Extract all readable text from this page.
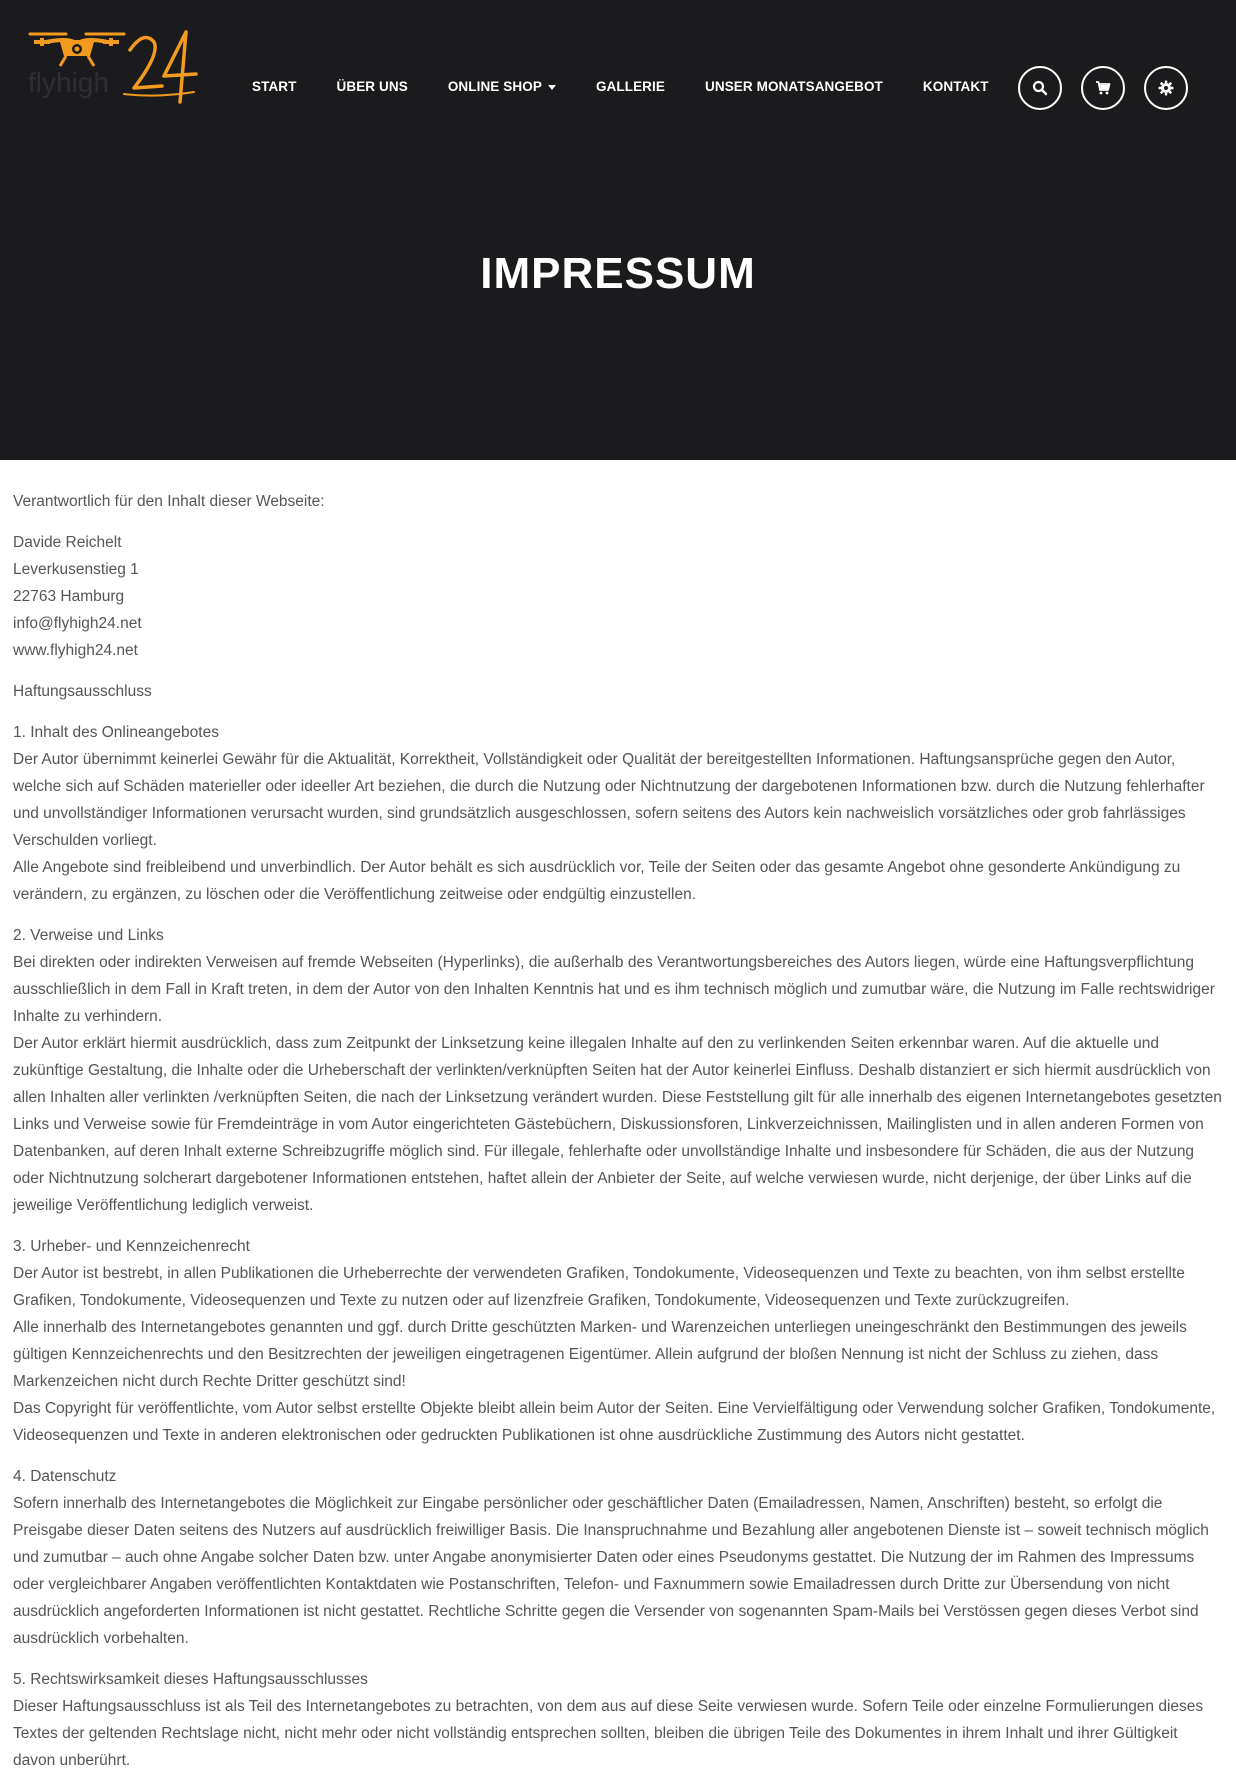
flyhigh	START	ÜBER UNS	ONLINE SHOP	GALLERIE	UNSER MONATSANGEBOT	KONTAKT
IMPRESSUM

Verantwortlich für den Inhalt dieser Webseite:

Davide Reichelt
Leverkusenstieg 1
22763 Hamburg
info@flyhigh24.net
www.flyhigh24.net

Haftungsausschluss

1. Inhalt des Onlineangebotes
Der Autor übernimmt keinerlei Gewähr für die Aktualität, Korrektheit, Vollständigkeit oder Qualität der bereitgestellten Informationen. Haftungsansprüche gegen den Autor, welche sich auf Schäden materieller oder ideeller Art beziehen, die durch die Nutzung oder Nichtnutzung der dargebotenen Informationen bzw. durch die Nutzung fehlerhafter und unvollständiger Informationen verursacht wurden, sind grundsätzlich ausgeschlossen, sofern seitens des Autors kein nachweislich vorsätzliches oder grob fahrlässiges Verschulden vorliegt.
Alle Angebote sind freibleibend und unverbindlich. Der Autor behält es sich ausdrücklich vor, Teile der Seiten oder das gesamte Angebot ohne gesonderte Ankündigung zu verändern, zu ergänzen, zu löschen oder die Veröffentlichung zeitweise oder endgültig einzustellen.

2. Verweise und Links
Bei direkten oder indirekten Verweisen auf fremde Webseiten (Hyperlinks), die außerhalb des Verantwortungsbereiches des Autors liegen, würde eine Haftungsverpflichtung ausschließlich in dem Fall in Kraft treten, in dem der Autor von den Inhalten Kenntnis hat und es ihm technisch möglich und zumutbar wäre, die Nutzung im Falle rechtswidriger Inhalte zu verhindern.
Der Autor erklärt hiermit ausdrücklich, dass zum Zeitpunkt der Linksetzung keine illegalen Inhalte auf den zu verlinkenden Seiten erkennbar waren. Auf die aktuelle und zukünftige Gestaltung, die Inhalte oder die Urheberschaft der verlinkten/verknüpften Seiten hat der Autor keinerlei Einfluss. Deshalb distanziert er sich hiermit ausdrücklich von allen Inhalten aller verlinkten /verknüpften Seiten, die nach der Linksetzung verändert wurden. Diese Feststellung gilt für alle innerhalb des eigenen Internetangebotes gesetzten Links und Verweise sowie für Fremdeinträge in vom Autor eingerichteten Gästebüchern, Diskussionsforen, Linkverzeichnissen, Mailinglisten und in allen anderen Formen von Datenbanken, auf deren Inhalt externe Schreibzugriffe möglich sind. Für illegale, fehlerhafte oder unvollständige Inhalte und insbesondere für Schäden, die aus der Nutzung oder Nichtnutzung solcherart dargebotener Informationen entstehen, haftet allein der Anbieter der Seite, auf welche verwiesen wurde, nicht derjenige, der über Links auf die jeweilige Veröffentlichung lediglich verweist.

3. Urheber- und Kennzeichenrecht
Der Autor ist bestrebt, in allen Publikationen die Urheberrechte der verwendeten Grafiken, Tondokumente, Videosequenzen und Texte zu beachten, von ihm selbst erstellte Grafiken, Tondokumente, Videosequenzen und Texte zu nutzen oder auf lizenzfreie Grafiken, Tondokumente, Videosequenzen und Texte zurückzugreifen.
Alle innerhalb des Internetangebotes genannten und ggf. durch Dritte geschützten Marken- und Warenzeichen unterliegen uneingeschränkt den Bestimmungen des jeweils gültigen Kennzeichenrechts und den Besitzrechten der jeweiligen eingetragenen Eigentümer. Allein aufgrund der bloßen Nennung ist nicht der Schluss zu ziehen, dass Markenzeichen nicht durch Rechte Dritter geschützt sind!
Das Copyright für veröffentlichte, vom Autor selbst erstellte Objekte bleibt allein beim Autor der Seiten. Eine Vervielfältigung oder Verwendung solcher Grafiken, Tondokumente, Videosequenzen und Texte in anderen elektronischen oder gedruckten Publikationen ist ohne ausdrückliche Zustimmung des Autors nicht gestattet.

4. Datenschutz
Sofern innerhalb des Internetangebotes die Möglichkeit zur Eingabe persönlicher oder geschäftlicher Daten (Emailadressen, Namen, Anschriften) besteht, so erfolgt die Preisgabe dieser Daten seitens des Nutzers auf ausdrücklich freiwilliger Basis. Die Inanspruchnahme und Bezahlung aller angebotenen Dienste ist – soweit technisch möglich und zumutbar – auch ohne Angabe solcher Daten bzw. unter Angabe anonymisierter Daten oder eines Pseudonyms gestattet. Die Nutzung der im Rahmen des Impressums oder vergleichbarer Angaben veröffentlichten Kontaktdaten wie Postanschriften, Telefon- und Faxnummern sowie Emailadressen durch Dritte zur Übersendung von nicht ausdrücklich angeforderten Informationen ist nicht gestattet. Rechtliche Schritte gegen die Versender von sogenannten Spam-Mails bei Verstössen gegen dieses Verbot sind ausdrücklich vorbehalten.

5. Rechtswirksamkeit dieses Haftungsausschlusses
Dieser Haftungsausschluss ist als Teil des Internetangebotes zu betrachten, von dem aus auf diese Seite verwiesen wurde. Sofern Teile oder einzelne Formulierungen dieses Textes der geltenden Rechtslage nicht, nicht mehr oder nicht vollständig entsprechen sollten, bleiben die übrigen Teile des Dokumentes in ihrem Inhalt und ihrer Gültigkeit davon unberührt.
